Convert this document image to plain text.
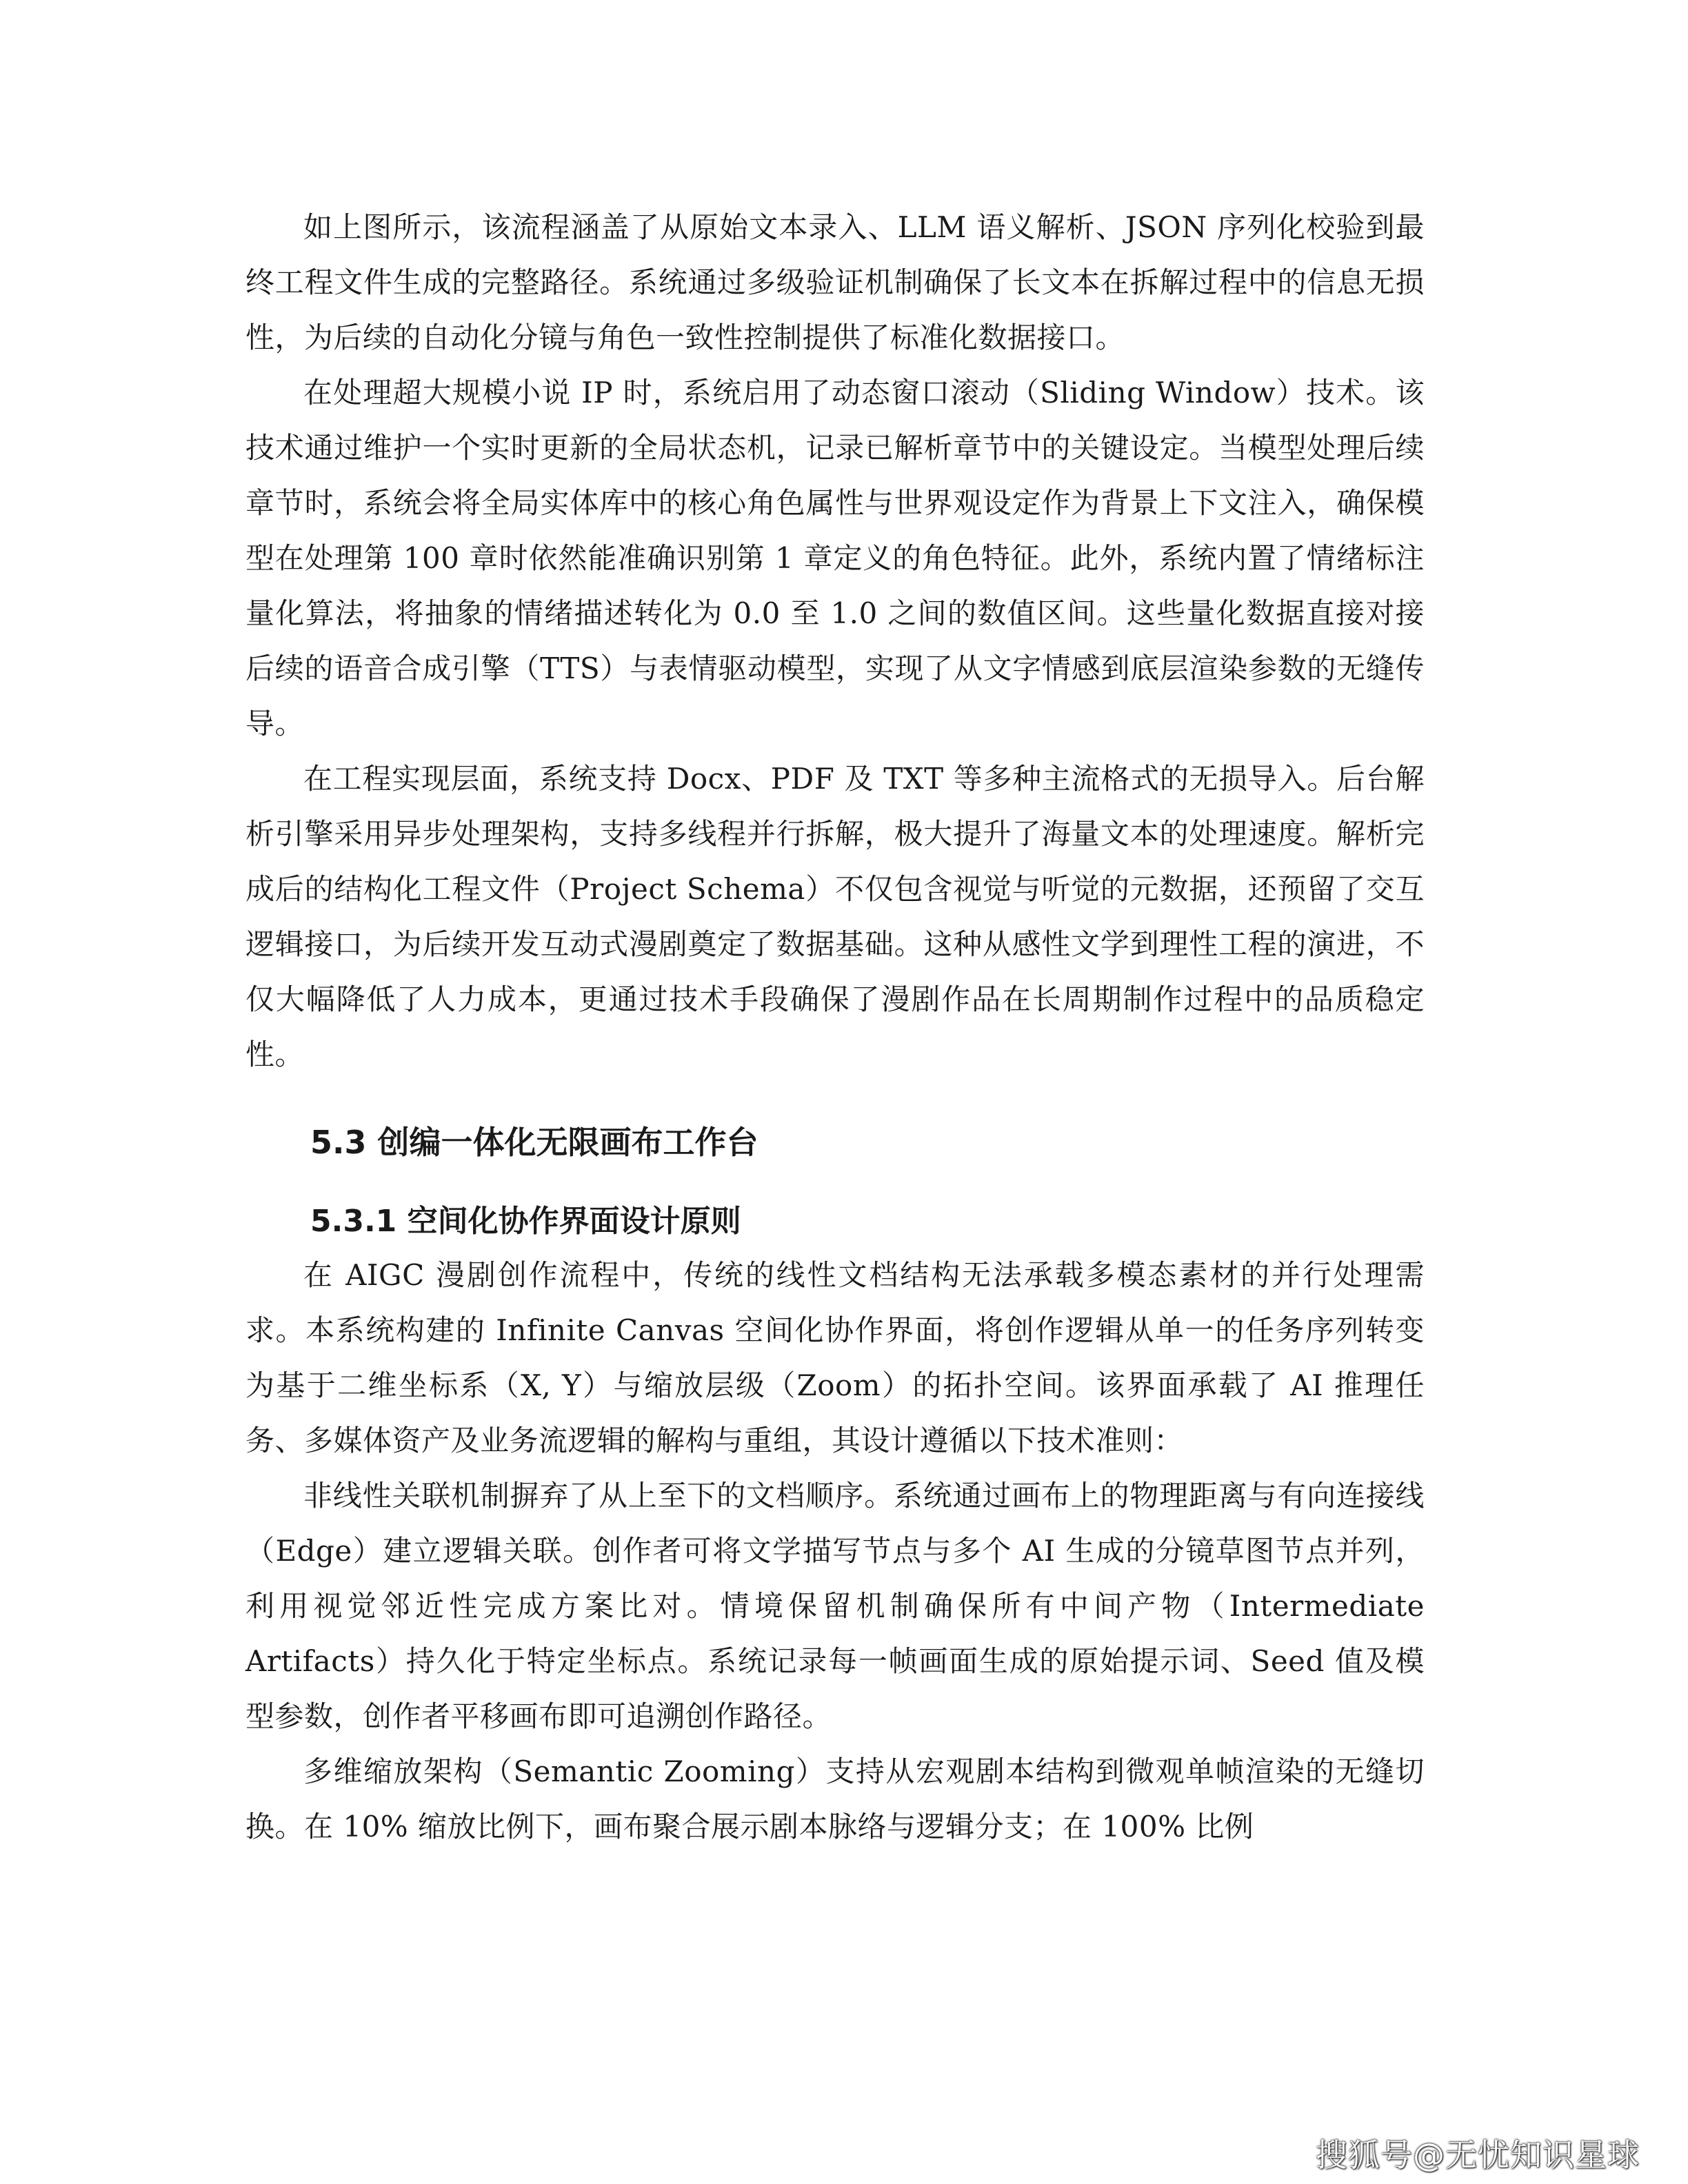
如上图所示，该流程涵盖了从原始文本录入、LLM 语义解析、JSON 序列化校验到最终工程文件生成的完整路径。系统通过多级验证机制确保了长文本在拆解过程中的信息无损性，为后续的自动化分镜与角色一致性控制提供了标准化数据接口。

在处理超大规模小说 IP 时，系统启用了动态窗口滚动（Sliding Window）技术。该技术通过维护一个实时更新的全局状态机，记录已解析章节中的关键设定。当模型处理后续章节时，系统会将全局实体库中的核心角色属性与世界观设定作为背景上下文注入，确保模型在处理第 100 章时依然能准确识别第 1 章定义的角色特征。此外，系统内置了情绪标注量化算法，将抽象的情绪描述转化为 0.0 至 1.0 之间的数值区间。这些量化数据直接对接后续的语音合成引擎（TTS）与表情驱动模型，实现了从文字情感到底层渲染参数的无缝传导。

在工程实现层面，系统支持 Docx、PDF 及 TXT 等多种主流格式的无损导入。后台解析引擎采用异步处理架构，支持多线程并行拆解，极大提升了海量文本的处理速度。解析完成后的结构化工程文件（Project Schema）不仅包含视觉与听觉的元数据，还预留了交互逻辑接口，为后续开发互动式漫剧奠定了数据基础。这种从感性文学到理性工程的演进，不仅大幅降低了人力成本，更通过技术手段确保了漫剧作品在长周期制作过程中的品质稳定性。

5.3 创编一体化无限画布工作台
5.3.1 空间化协作界面设计原则

在 AIGC 漫剧创作流程中，传统的线性文档结构无法承载多模态素材的并行处理需求。本系统构建的 Infinite Canvas 空间化协作界面，将创作逻辑从单一的任务序列转变为基于二维坐标系（X, Y）与缩放层级（Zoom）的拓扑空间。该界面承载了 AI 推理任务、多媒体资产及业务流逻辑的解构与重组，其设计遵循以下技术准则：

非线性关联机制摒弃了从上至下的文档顺序。系统通过画布上的物理距离与有向连接线（Edge）建立逻辑关联。创作者可将文学描写节点与多个 AI 生成的分镜草图节点并列，利用视觉邻近性完成方案比对。情境保留机制确保所有中间产物（Intermediate Artifacts）持久化于特定坐标点。系统记录每一帧画面生成的原始提示词、Seed 值及模型参数，创作者平移画布即可追溯创作路径。

多维缩放架构（Semantic Zooming）支持从宏观剧本结构到微观单帧渲染的无缝切换。在 10% 缩放比例下，画布聚合展示剧本脉络与逻辑分支；在 100% 比例

搜狐号@无忧知识星球
